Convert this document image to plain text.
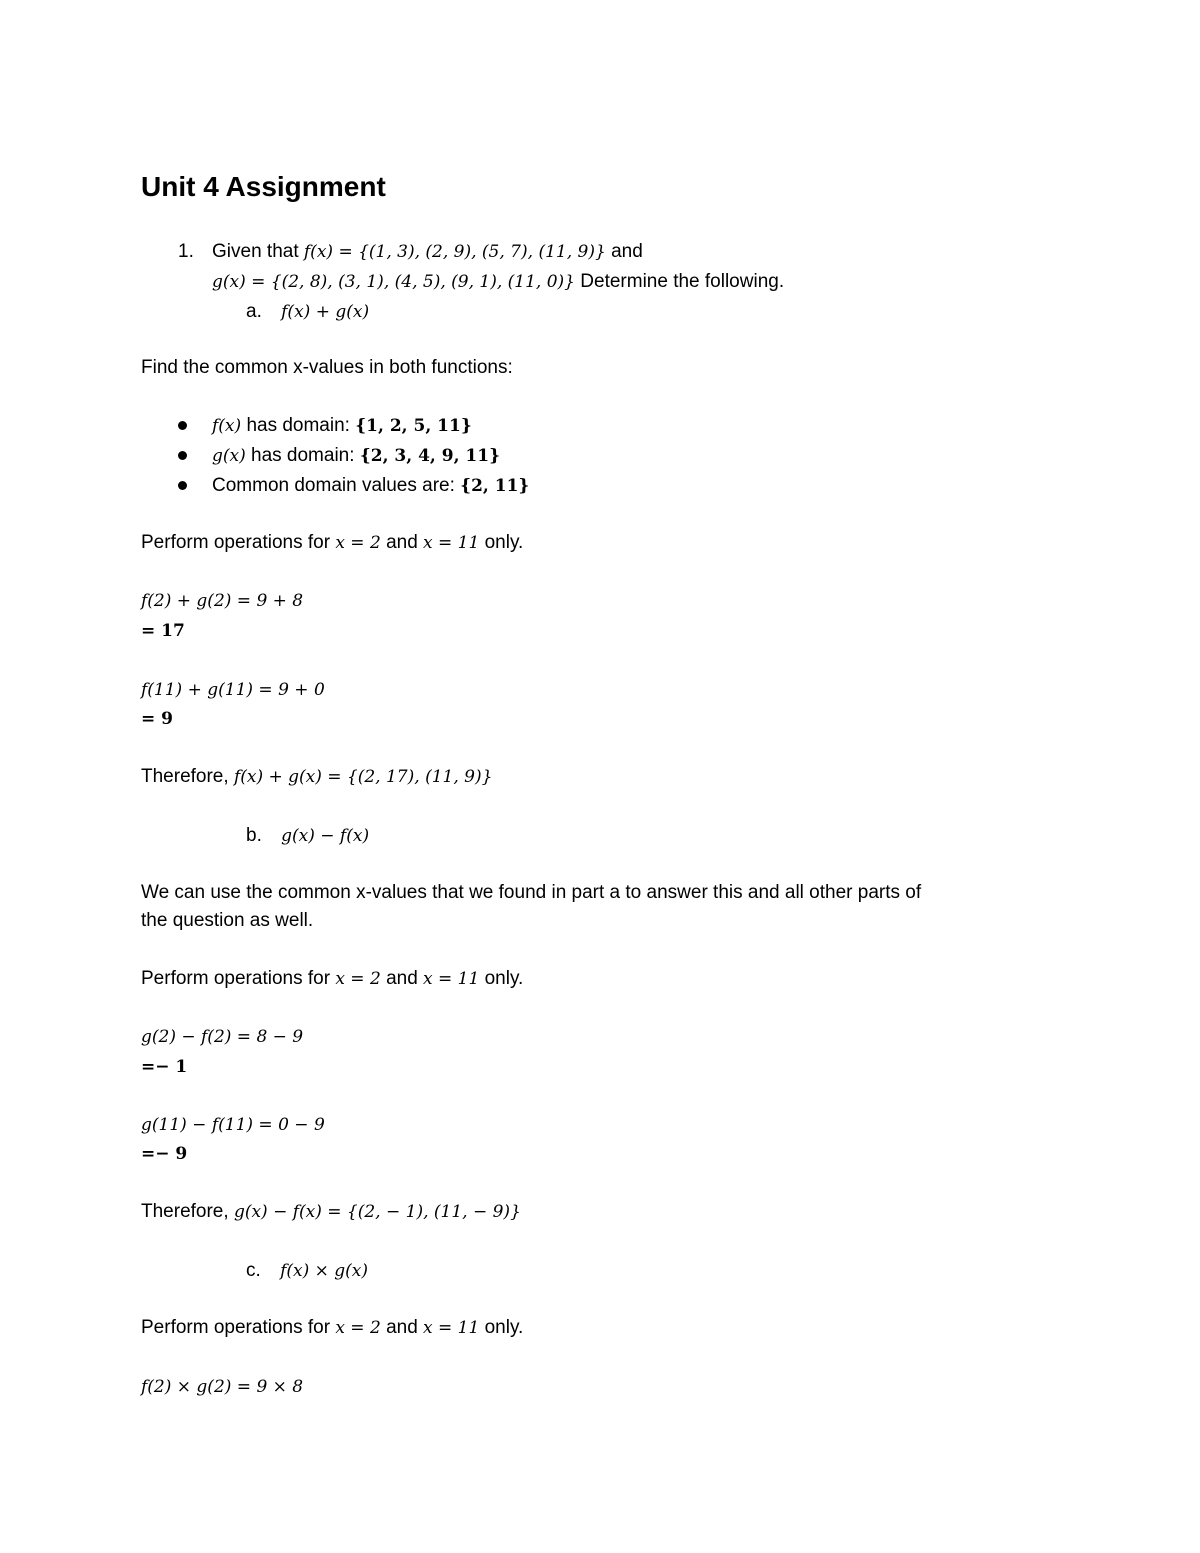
Unit 4 Assignment
1. Given that f(x) = {(1, 3), (2, 9), (5, 7), (11, 9)} and
g(x) = {(2, 8), (3, 1), (4, 5), (9, 1), (11, 0)} Determine the following.
a. f(x) + g(x)
Find the common x-values in both functions:
f(x) has domain: {1, 2, 5, 11}
g(x) has domain: {2, 3, 4, 9, 11}
Common domain values are: {2, 11}
Perform operations for x = 2 and x = 11 only.
f(2) + g(2) = 9 + 8
= 17
f(11) + g(11) = 9 + 0
= 9
Therefore, f(x) + g(x) = {(2, 17), (11, 9)}
b. g(x) − f(x)
We can use the common x-values that we found in part a to answer this and all other parts of
the question as well.
Perform operations for x = 2 and x = 11 only.
g(2) − f(2) = 8 − 9
=− 1
g(11) − f(11) = 0 − 9
=− 9
Therefore, g(x) − f(x) = {(2, − 1), (11, − 9)}
c. f(x) × g(x)
Perform operations for x = 2 and x = 11 only.
f(2) × g(2) = 9 × 8
